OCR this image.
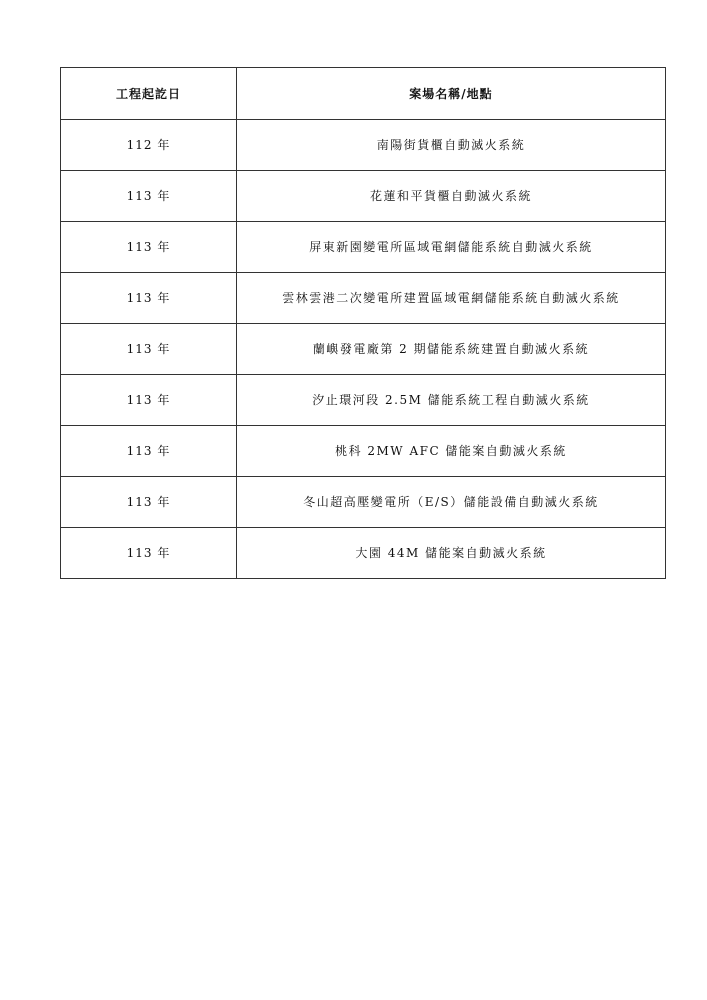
工程起訖日	案場名稱/地點
112 年	南陽街貨櫃自動滅火系統
113 年	花蓮和平貨櫃自動滅火系統
113 年	屏東新園變電所區域電網儲能系統自動滅火系統
113 年	雲林雲港二次變電所建置區域電網儲能系統自動滅火系統
113 年	蘭嶼發電廠第 2 期儲能系統建置自動滅火系統
113 年	汐止環河段 2.5M 儲能系統工程自動滅火系統
113 年	桃科 2MW AFC 儲能案自動滅火系統
113 年	冬山超高壓變電所（E/S）儲能設備自動滅火系統
113 年	大園 44M 儲能案自動滅火系統
